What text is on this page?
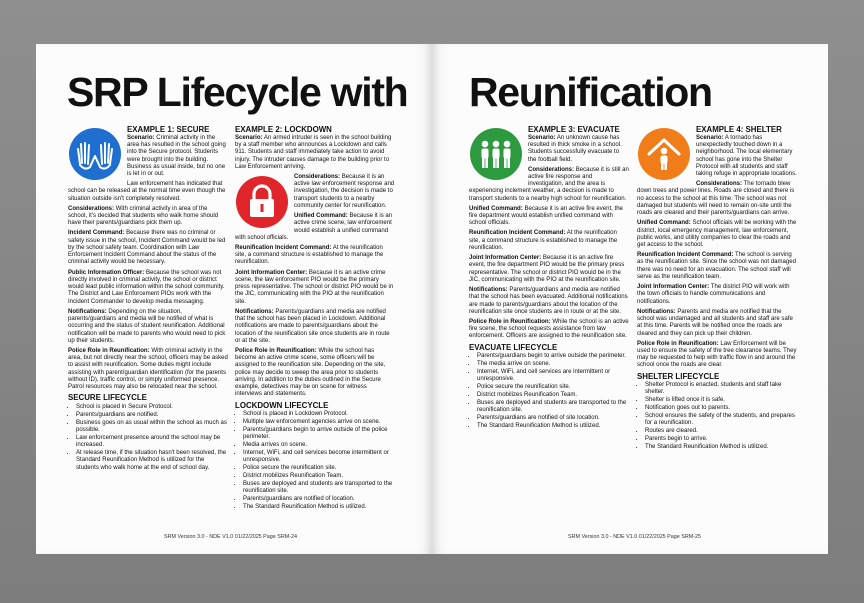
SRP Lifecycle with
EXAMPLE 1: SECURE

Scenario: Criminal activity in the area has resulted in the school going into the Secure protocol. Students were brought into the building. Business as usual inside, but no one is let in or out.

Law enforcement has indicated that school can be released at the normal time even though the situation outside isn't completely resolved.

Considerations: With criminal activity in area of the school, it's decided that students who walk home should have their parents/guardians pick them up.

Incident Command: Because there was no criminal or safety issue in the school, Incident Command would be led by the school safety team. Coordination with Law Enforcement Incident Command about the status of the criminal activity would be necessary.

Public Information Officer: Because the school was not directly involved in criminal activity, the school or district would lead public information within the school community. The District and Law Enforcement PIOs work with the Incident Commander to develop media messaging.

Notifications: Depending on the situation, parents/guardians and media will be notified of what is occurring and the status of student reunification. Additional notification will be made to parents who would need to pick up their students.

Police Role in Reunification: With criminal activity in the area, but not directly near the school, officers may be asked to assist with reunification. Some duties might include assisting with parent/guardian identification (for the parents without ID), traffic control, or simply uniformed presence. Patrol resources may also be relocated near the school.

SECURE LIFECYCLE
• School is placed in Secure Protocol.
• Parents/guardians are notified.
• Business goes on as usual within the school as much as possible.
• Law enforcement presence around the school may be increased.
• At release time, if the situation hasn't been resolved, the Standard Reunification Method is utilized for the students who walk home at the end of school day.
EXAMPLE 2: LOCKDOWN

Scenario: An armed intruder is seen in the school building by a staff member who announces a Lockdown and calls 911. Students and staff immediately take action to avoid injury. The intruder causes damage to the building prior to Law Enforcement arriving.

Considerations: Because it is an active law enforcement response and investigation, the decision is made to transport students to a nearby community center for reunification.

Unified Command: Because it is an active crime scene, law enforcement would establish a unified command with school officials.

Reunification Incident Command: At the reunification site, a command structure is established to manage the reunification.

Joint Information Center: Because it is an active crime scene, the law enforcement PIO would be the primary press representative. The school or district PIO would be in the JIC, communicating with the PIO at the reunification site.

Notifications: Parents/guardians and media are notified that the school has been placed in Lockdown. Additional notifications are made to parents/guardians about the location of the reunification site once students are in route or at the site.

Police Role in Reunification: While the school has become an active crime scene, some officers will be assigned to the reunification site. Depending on the site, police may decide to sweep the area prior to students arriving. In addition to the duties outlined in the Secure example, detectives may be on scene for witness interviews and statements.

LOCKDOWN LIFECYCLE
• School is placed in Lockdown Protocol.
• Multiple law enforcement agencies arrive on scene.
• Parents/guardians begin to arrive outside of the police perimeter.
• Media arrives on scene.
• Internet, WiFi, and cell services become intermittent or unresponsive.
• Police secure the reunification site.
• District mobilizes Reunification Team.
• Buses are deployed and students are transported to the reunification site.
• Parents/guardians are notified of location.
• The Standard Reunification Method is utilized.
SRM Version 3.0 - NDE V1.0 01/22/2025 Page SRM-24
Reunification
EXAMPLE 3: EVACUATE

Scenario: An unknown cause has resulted in thick smoke in a school. Students successfully evacuate to the football field.

Considerations: Because it is still an active fire response and investigation, and the area is experiencing inclement weather, a decision is made to transport students to a nearby high school for reunification.

Unified Command: Because it is an active fire event, the fire department would establish unified command with school officials.

Reunification Incident Command: At the reunification site, a command structure is established to manage the reunification.

Joint Information Center: Because it is an active fire event, the fire department PIO would be the primary press representative. The school or district PIO would be in the JIC, communicating with the PIO at the reunification site.

Notifications: Parents/guardians and media are notified that the school has been evacuated. Additional notifications are made to parents/guardians about the location of the reunification site once students are in route or at the site.

Police Role in Reunification: While the school is an active fire scene, the school requests assistance from law enforcement. Officers are assigned to the reunification site.

EVACUATE LIFECYCLE
• Parents/guardians begin to arrive outside the perimeter.
• The media arrive on scene.
• Internet, WiFi, and cell services are intermittent or unresponsive.
• Police secure the reunification site.
• District mobilizes Reunification Team.
• Buses are deployed and students are transported to the reunification site.
• Parents/guardians are notified of site location.
• The Standard Reunification Method is utilized.
EXAMPLE 4: SHELTER

Scenario: A tornado has unexpectedly touched down in a neighborhood. The local elementary school has gone into the Shelter Protocol with all students and staff taking refuge in appropriate locations.

Considerations: The tornado blew down trees and power lines. Roads are closed and there is no access to the school at this time. The school was not damaged but students will need to remain on-site until the roads are cleared and their parents/guardians can arrive.

Unified Command: School officials will be working with the district, local emergency management, law enforcement, public works, and utility companies to clear the roads and get access to the school.

Reunification Incident Command: The school is serving as the reunification site. Since the school was not damaged there was no need for an evacuation. The school staff will serve as the reunification team.

Joint Information Center: The district PIO will work with the town officials to handle communications and notifications.

Notifications: Parents and media are notified that the school was undamaged and all students and staff are safe at this time. Parents will be notified once the roads are cleared and they can pick up their children.

Police Role in Reunification: Law Enforcement will be used to ensure the safety of the tree clearance teams. They may be requested to help with traffic flow in and around the school once the roads are clear.

SHELTER LIFECYCLE
• Shelter Protocol is enacted, students and staff take shelter.
• Shelter is lifted once it is safe.
• Notification goes out to parents.
• School ensures the safety of the students, and prepares for a reunification.
• Routes are cleared.
• Parents begin to arrive.
• The Standard Reunification Method is utilized.
SRM Version 3.0 - NDE V1.0 01/22/2025 Page SRM-25
